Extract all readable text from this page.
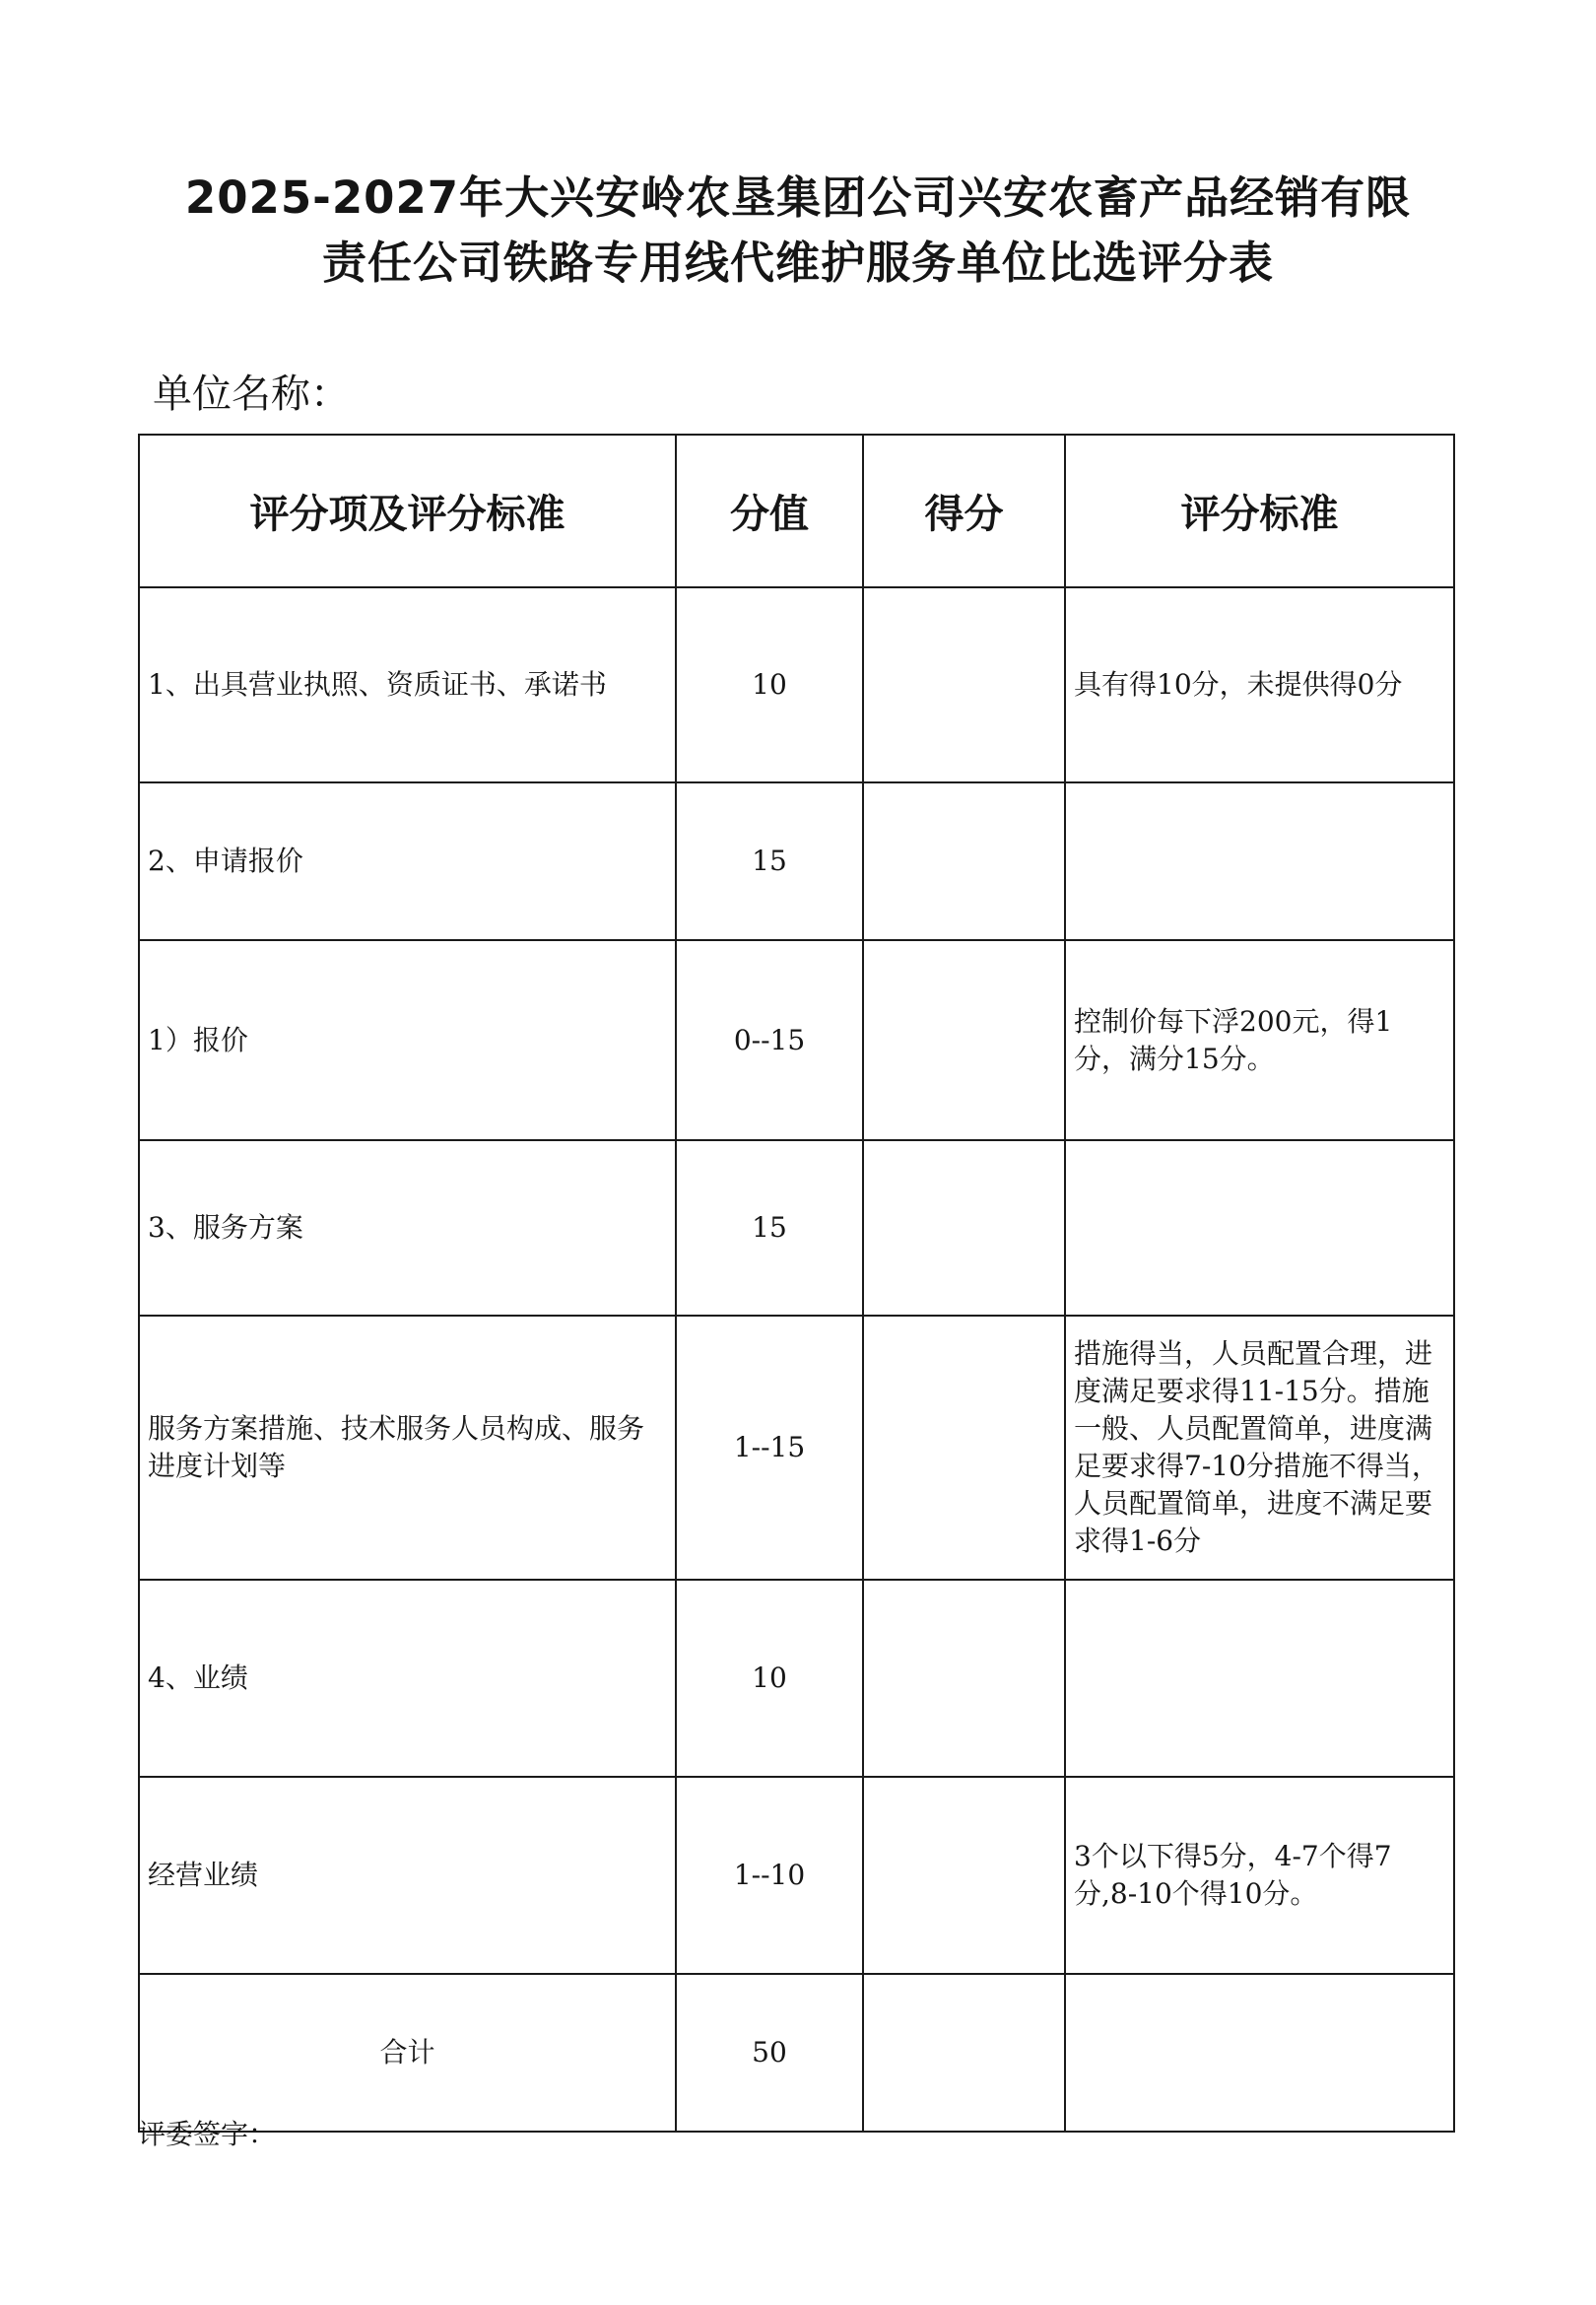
2025-2027年大兴安岭农垦集团公司兴安农畜产品经销有限
责任公司铁路专用线代维护服务单位比选评分表
单位名称：
评分项及评分标准	分值	得分	评分标准
1、出具营业执照、资质证书、承诺书	10		具有得10分，未提供得0分
2、申请报价	15		
1）报价	0--15		控制价每下浮200元，得1分，满分15分。
3、服务方案	15		
服务方案措施、技术服务人员构成、服务进度计划等	1--15		措施得当，人员配置合理，进度满足要求得11-15分。措施一般、人员配置简单，进度满足要求得7-10分措施不得当，人员配置简单，进度不满足要求得1-6分
4、业绩	10		
经营业绩	1--10		3个以下得5分，4-7个得7分,8-10个得10分。
合计	50		
评委签字：
